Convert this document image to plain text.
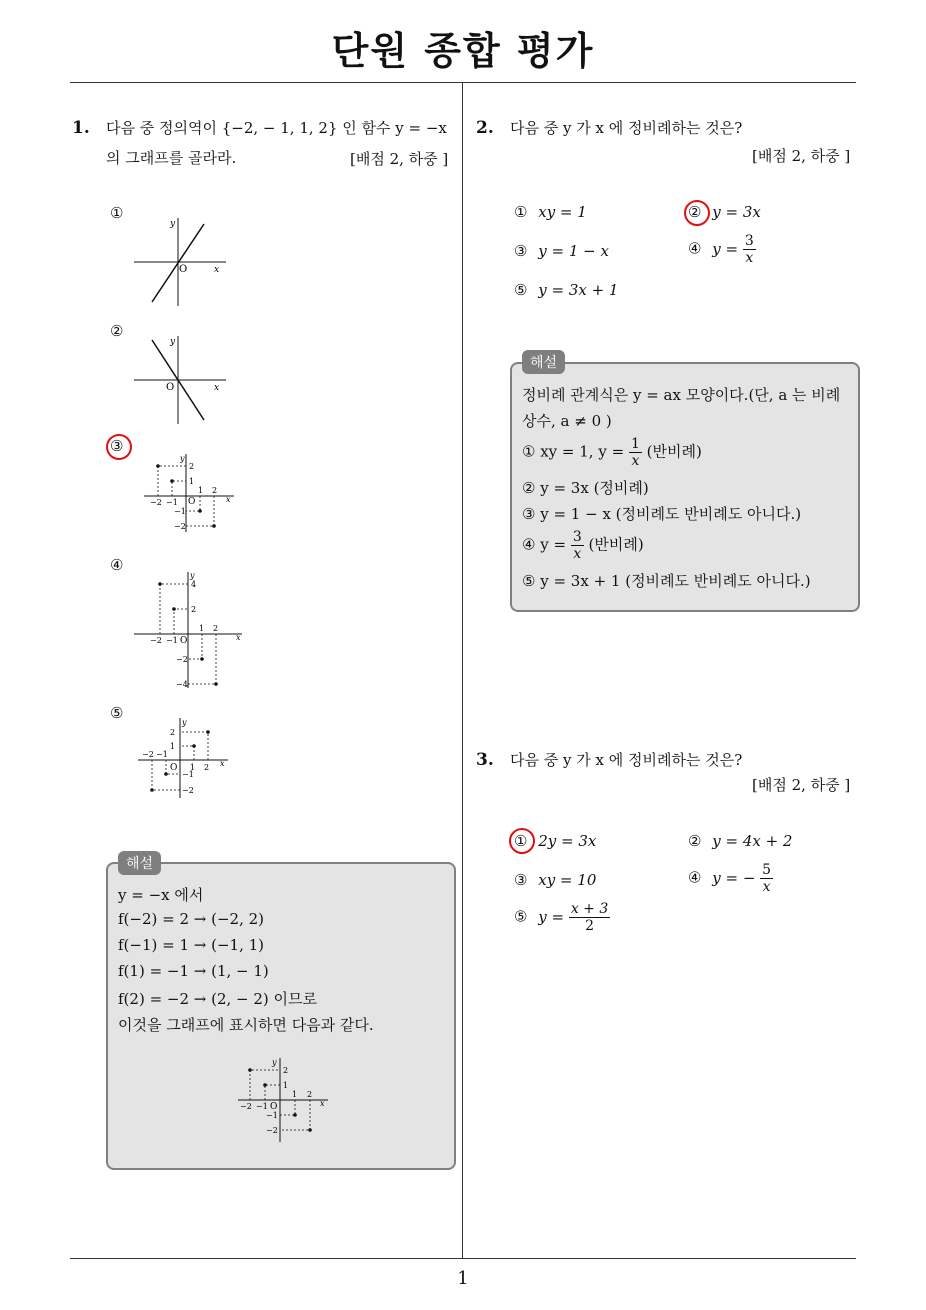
단원 종합 평가
1
1. 다음 중 정의역이 {−2, − 1, 1, 2} 인 함수 y = −x
의 그래프를 골라라.	[배점 2, 하중 ]
①
②
③
④
⑤
y
x
O
y
x
O
y
x
O
−2 −1
1 2
2
1
−1
−2
y
x
O
−2 −1
1 2
4
2
−2
−4
y
x
O
−2 −1
1 2
2
1
−1
−2
해설
y = −x 에서
f(−2) = 2 → (−2, 2)
f(−1) = 1 → (−1, 1)
f(1) = −1 → (1, − 1)
f(2) = −2 → (2, − 2) 이므로
이것을 그래프에 표시하면 다음과 같다.
y
x
O
−2 −1
1 2
2
1
−1
−2
2. 다음 중 y 가 x 에 정비례하는 것은?
[배점 2, 하중 ]
① xy = 1	② y = 3x
③ y = 1 − x	④ $y = \frac{3}{x}$
⑤ y = 3x + 1
해설
정비례 관계식은 y = ax 모양이다.(단, a 는 비례
상수, a ≠ 0 )
① xy = 1, $y = \frac{1}{x}$ (반비례)
② y = 3x (정비례)
③ y = 1 − x (정비례도 반비례도 아니다.)
④ $y = \frac{3}{x}$ (반비례)
⑤ y = 3x + 1 (정비례도 반비례도 아니다.)
3. 다음 중 y 가 x 에 정비례하는 것은?
[배점 2, 하중 ]
① 2y = 3x	② y = 4x + 2
③ xy = 10	④ y = − $\frac{5}{x}$
⑤ $y = \frac{x + 3}{2}$
